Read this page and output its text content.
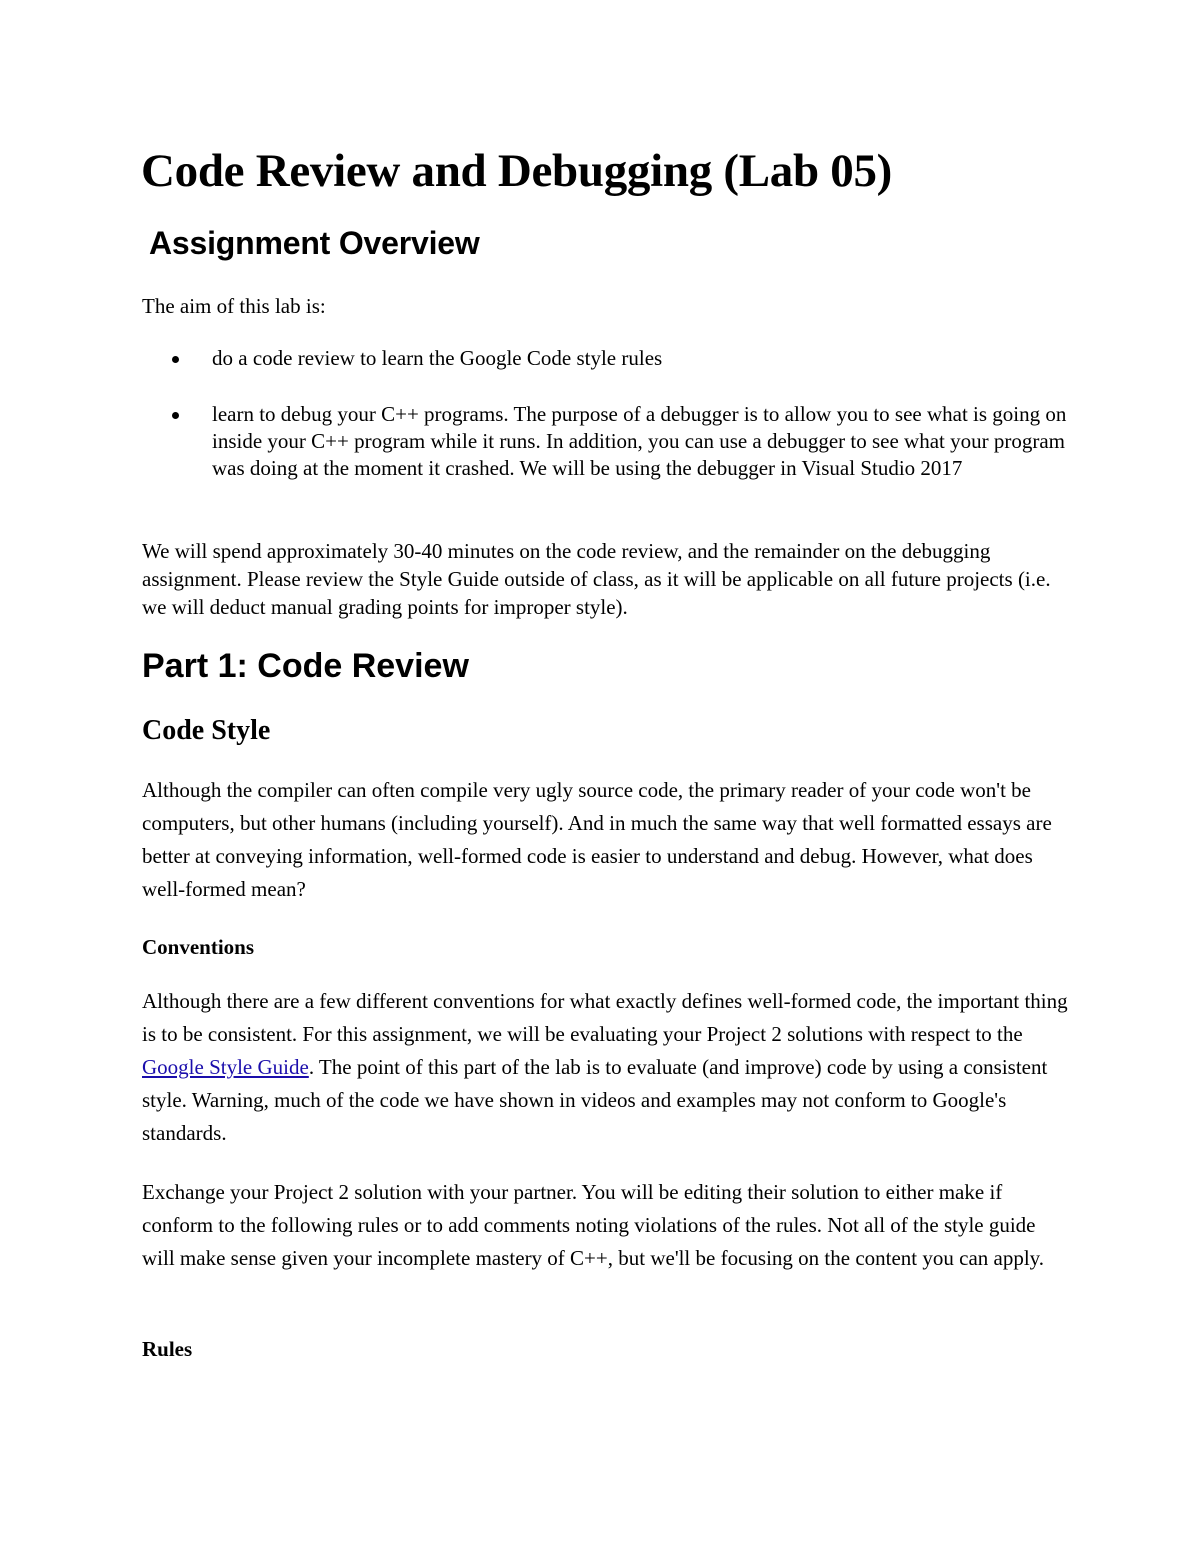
Code Review and Debugging (Lab 05)
Assignment Overview

The aim of this lab is:

do a code review to learn the Google Code style rules
learn to debug your C++ programs. The purpose of a debugger is to allow you to see what is going on inside your C++ program while it runs. In addition, you can use a debugger to see what your program was doing at the moment it crashed. We will be using the debugger in Visual Studio 2017

We will spend approximately 30-40 minutes on the code review, and the remainder on the debugging assignment. Please review the Style Guide outside of class, as it will be applicable on all future projects (i.e. we will deduct manual grading points for improper style).

Part 1: Code Review
Code Style

Although the compiler can often compile very ugly source code, the primary reader of your code won't be computers, but other humans (including yourself). And in much the same way that well formatted essays are better at conveying information, well-formed code is easier to understand and debug. However, what does well-formed mean?

Conventions

Although there are a few different conventions for what exactly defines well-formed code, the important thing is to be consistent. For this assignment, we will be evaluating your Project 2 solutions with respect to the Google Style Guide. The point of this part of the lab is to evaluate (and improve) code by using a consistent style. Warning, much of the code we have shown in videos and examples may not conform to Google's standards.

Exchange your Project 2 solution with your partner. You will be editing their solution to either make if conform to the following rules or to add comments noting violations of the rules. Not all of the style guide will make sense given your incomplete mastery of C++, but we'll be focusing on the content you can apply.

Rules
